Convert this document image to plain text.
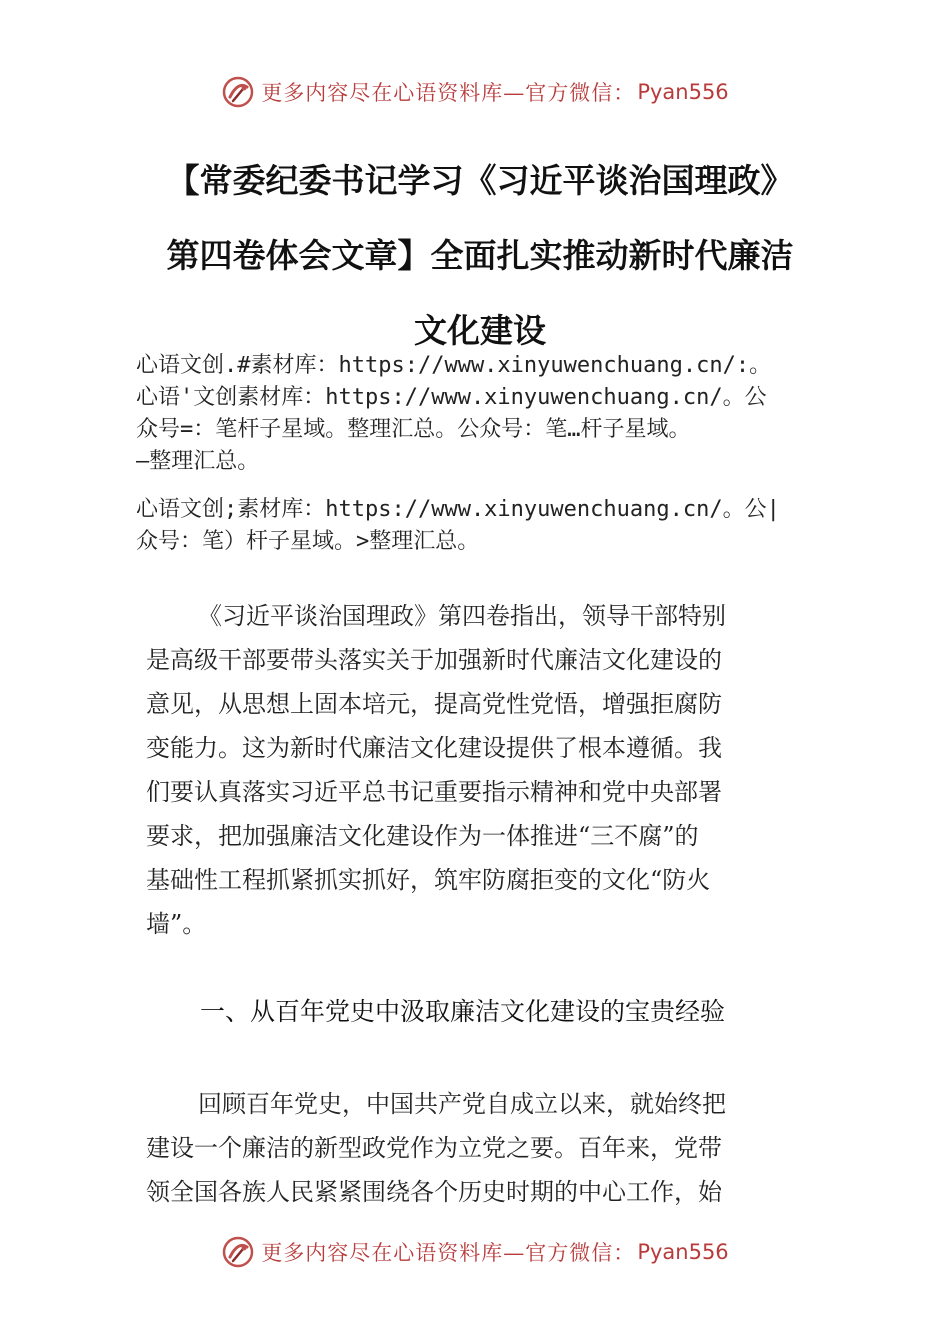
更多内容尽在心语资料库—官方微信： Pyan556
【常委纪委书记学习《习近平谈治国理政》
第四卷体会文章】全面扎实推动新时代廉洁
文化建设
心语文创.#素材库：https://www.xinyuwenchuang.cn/:。
心语'文创素材库：https://www.xinyuwenchuang.cn/。公
众号=：笔杆子星域。整理汇总。公众号：笔…杆子星域。
—整理汇总。
心语文创;素材库：https://www.xinyuwenchuang.cn/。公|
众号：笔）杆子星域。>整理汇总。
《习近平谈治国理政》第四卷指出，领导干部特别
是高级干部要带头落实关于加强新时代廉洁文化建设的
意见，从思想上固本培元，提高党性党悟，增强拒腐防
变能力。这为新时代廉洁文化建设提供了根本遵循。我
们要认真落实习近平总书记重要指示精神和党中央部署
要求，把加强廉洁文化建设作为一体推进“三不腐”的
基础性工程抓紧抓实抓好，筑牢防腐拒变的文化“防火
墙”。
一、从百年党史中汲取廉洁文化建设的宝贵经验
回顾百年党史，中国共产党自成立以来，就始终把
建设一个廉洁的新型政党作为立党之要。百年来，党带
领全国各族人民紧紧围绕各个历史时期的中心工作，始
更多内容尽在心语资料库—官方微信： Pyan556
